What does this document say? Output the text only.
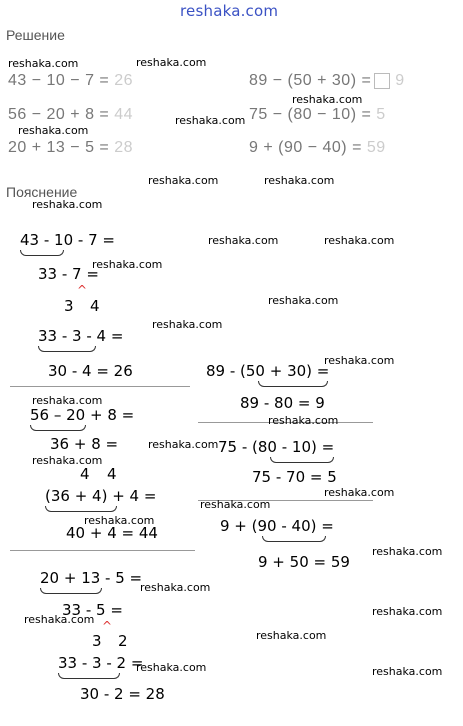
reshaka.com
Решение
43 − 10 − 7 = 26
56 − 20 + 8 = 44
20 + 13 − 5 = 28
89 − (50 + 30) = 9
75 − (80 − 10) = 5
9 + (90 − 40) = 59
Пояснение
43 - 10 - 7 =
33 - 7 =
^
3 4
33 - 3 - 4 =
30 - 4 = 26
56 – 20 + 8 =
36 + 8 =
4 4
(36 + 4) + 4 =
40 + 4 = 44
20 + 13 - 5 =
33 - 5 =
^
3 2
33 - 3 - 2 =
30 - 2 = 28
89 - (50 + 30) =
89 - 80 = 9
75 - (80 - 10) =
75 - 70 = 5
9 + (90 - 40) =
9 + 50 = 59
reshaka.com
reshaka.com
reshaka.com
reshaka.com
reshaka.com
reshaka.com	reshaka.com
reshaka.com
reshaka.com	reshaka.com
reshaka.com
reshaka.com
reshaka.com
reshaka.com
reshaka.com
reshaka.com
reshaka.com
reshaka.com
reshaka.com
reshaka.com
reshaka.com
reshaka.com
reshaka.com
reshaka.com
reshaka.com
reshaka.com
reshaka.com	reshaka.com
